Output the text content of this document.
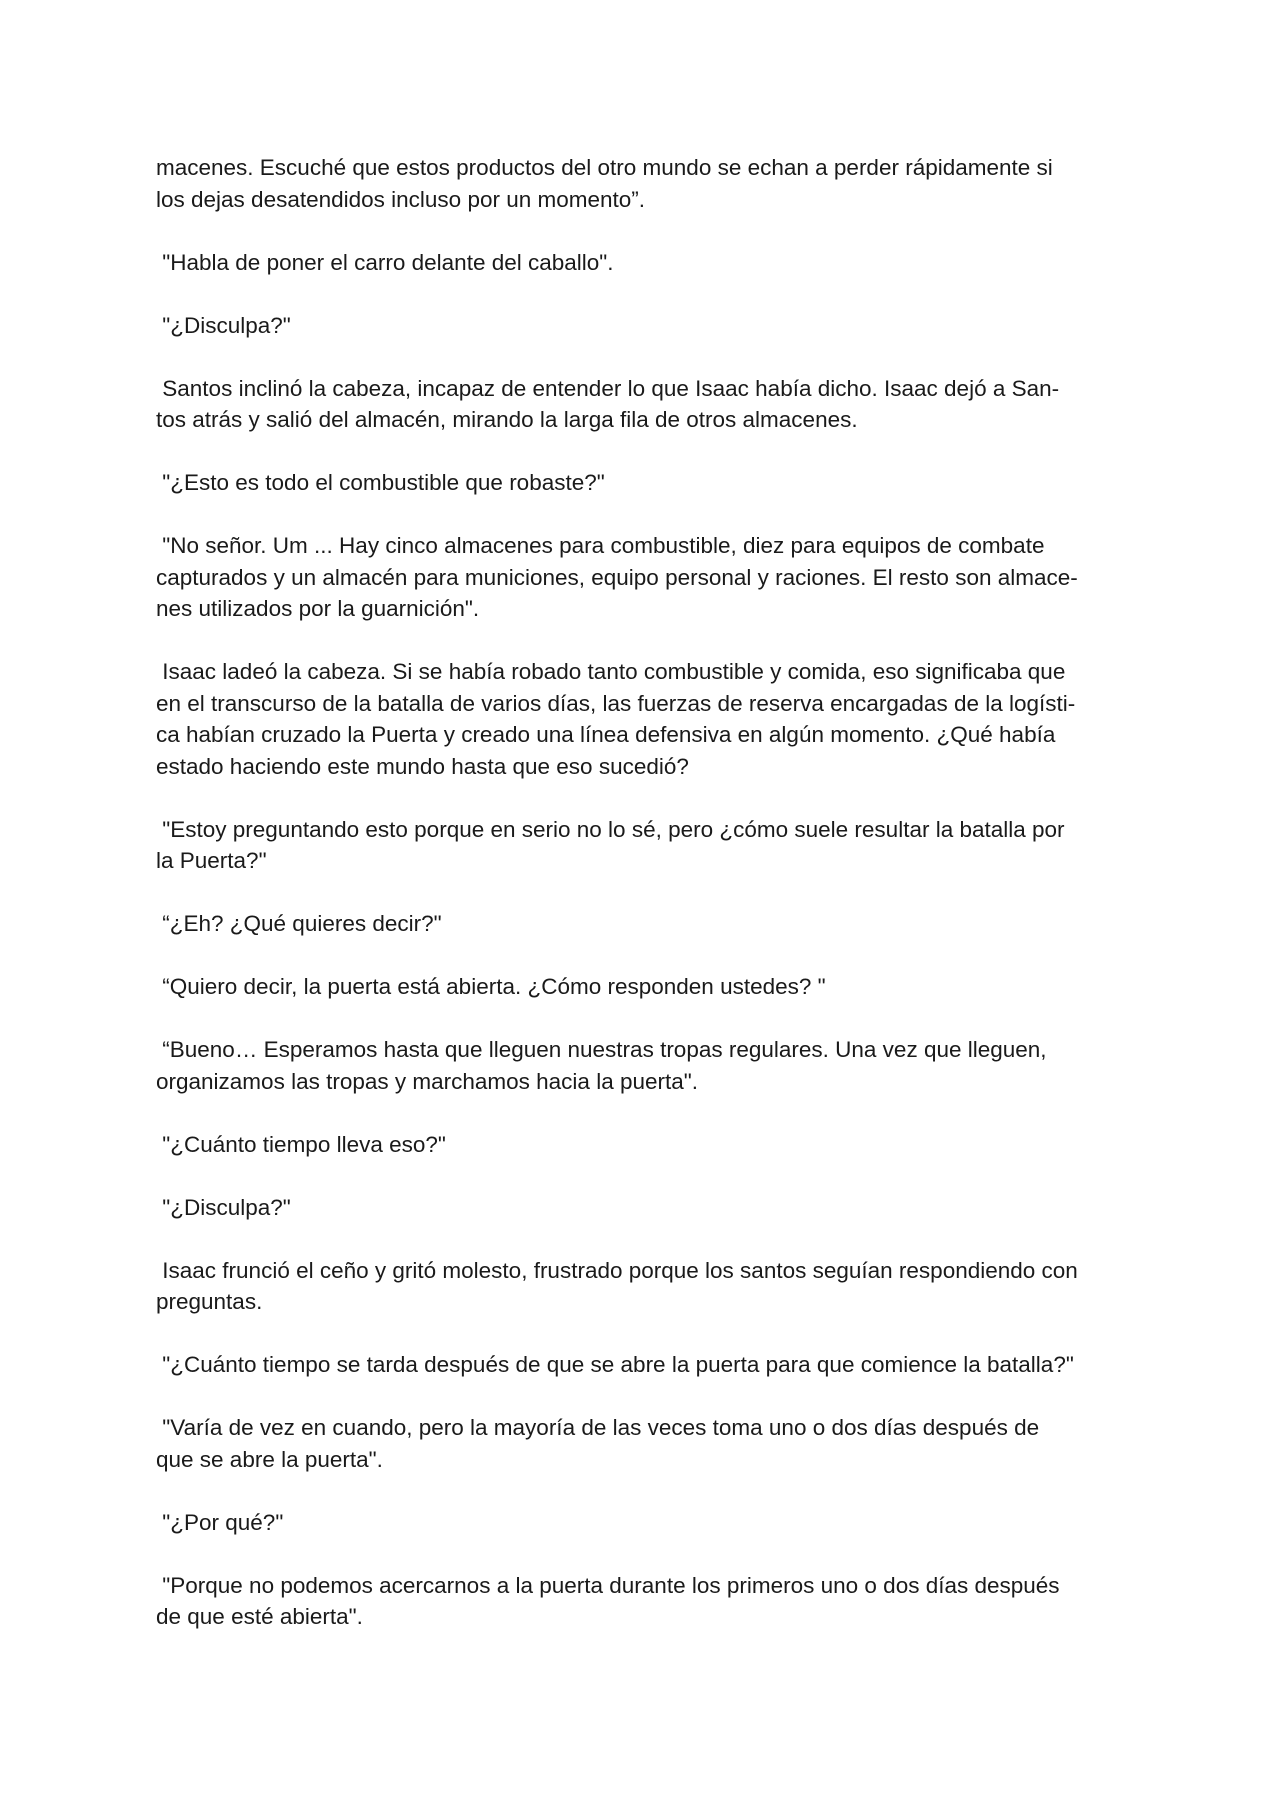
macenes. Escuché que estos productos del otro mundo se echan a perder rápidamente si
los dejas desatendidos incluso por un momento”.
"Habla de poner el carro delante del caballo".
"¿Disculpa?"
Santos inclinó la cabeza, incapaz de entender lo que Isaac había dicho. Isaac dejó a San-
tos atrás y salió del almacén, mirando la larga fila de otros almacenes.
"¿Esto es todo el combustible que robaste?"
"No señor. Um ... Hay cinco almacenes para combustible, diez para equipos de combate
capturados y un almacén para municiones, equipo personal y raciones. El resto son almace-
nes utilizados por la guarnición".
Isaac ladeó la cabeza. Si se había robado tanto combustible y comida, eso significaba que
en el transcurso de la batalla de varios días, las fuerzas de reserva encargadas de la logísti-
ca habían cruzado la Puerta y creado una línea defensiva en algún momento. ¿Qué había
estado haciendo este mundo hasta que eso sucedió?
"Estoy preguntando esto porque en serio no lo sé, pero ¿cómo suele resultar la batalla por
la Puerta?"
“¿Eh? ¿Qué quieres decir?"
“Quiero decir, la puerta está abierta. ¿Cómo responden ustedes? "
“Bueno… Esperamos hasta que lleguen nuestras tropas regulares. Una vez que lleguen,
organizamos las tropas y marchamos hacia la puerta".
"¿Cuánto tiempo lleva eso?"
"¿Disculpa?"
Isaac frunció el ceño y gritó molesto, frustrado porque los santos seguían respondiendo con
preguntas.
"¿Cuánto tiempo se tarda después de que se abre la puerta para que comience la batalla?"
"Varía de vez en cuando, pero la mayoría de las veces toma uno o dos días después de
que se abre la puerta".
"¿Por qué?"
"Porque no podemos acercarnos a la puerta durante los primeros uno o dos días después
de que esté abierta".
